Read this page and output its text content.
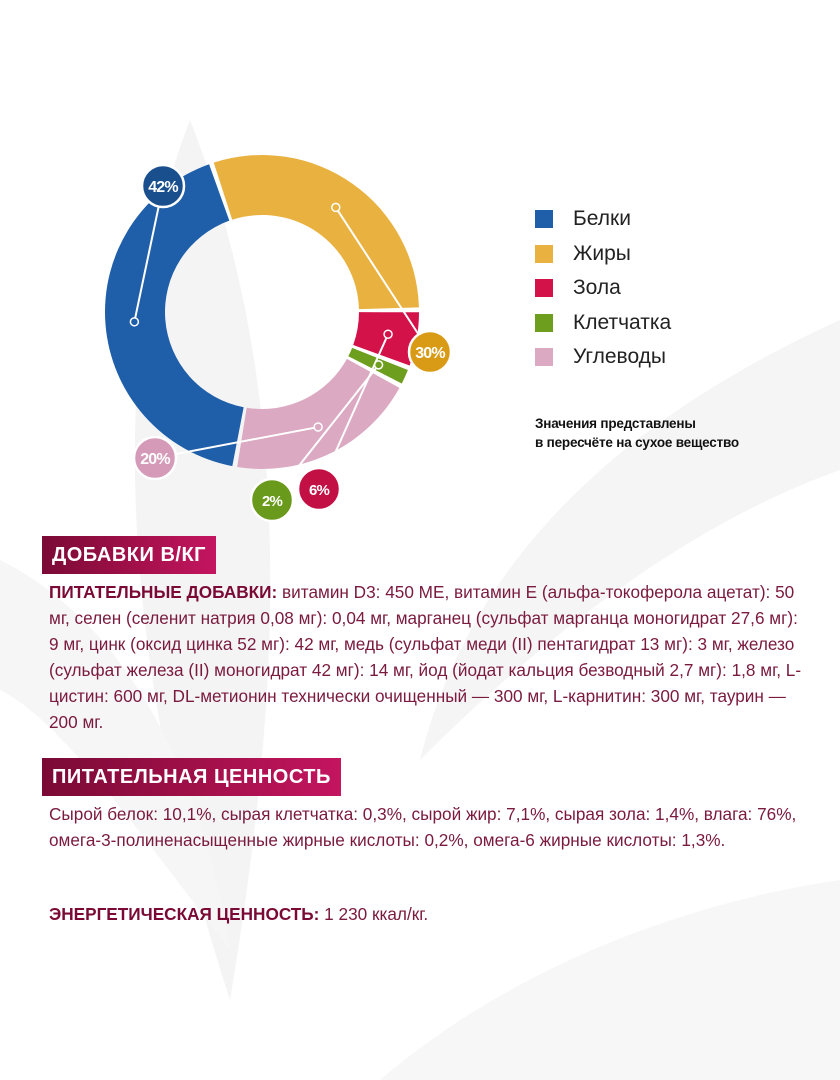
42%
30%
6%
2%
20%
Белки
Жиры
Зола
Клетчатка
Углеводы
Значения представлены
в пересчёте на сухое вещество
ДОБАВКИ В/КГ
ПИТАТЕЛЬНЫЕ ДОБАВКИ: витамин D3: 450 МЕ, витамин Е (альфа-токоферола ацетат): 50 мг, селен (селенит натрия 0,08 мг): 0,04 мг, марганец (сульфат марганца моногидрат 27,6 мг): 9 мг, цинк (оксид цинка 52 мг): 42 мг, медь (сульфат меди (II) пентагидрат 13 мг): 3 мг, железо (сульфат железа (II) моногидрат 42 мг): 14 мг, йод (йодат кальция безводный 2,7 мг): 1,8 мг, L-цистин: 600 мг, DL-метионин технически очищенный — 300 мг, L-карнитин: 300 мг, таурин — 200 мг.
ПИТАТЕЛЬНАЯ ЦЕННОСТЬ
Сырой белок: 10,1%, сырая клетчатка: 0,3%, сырой жир: 7,1%, сырая зола: 1,4%, влага: 76%, омега-3-полиненасыщенные жирные кислоты: 0,2%, омега-6 жирные кислоты: 1,3%.
ЭНЕРГЕТИЧЕСКАЯ ЦЕННОСТЬ: 1 230 ккал/кг.
